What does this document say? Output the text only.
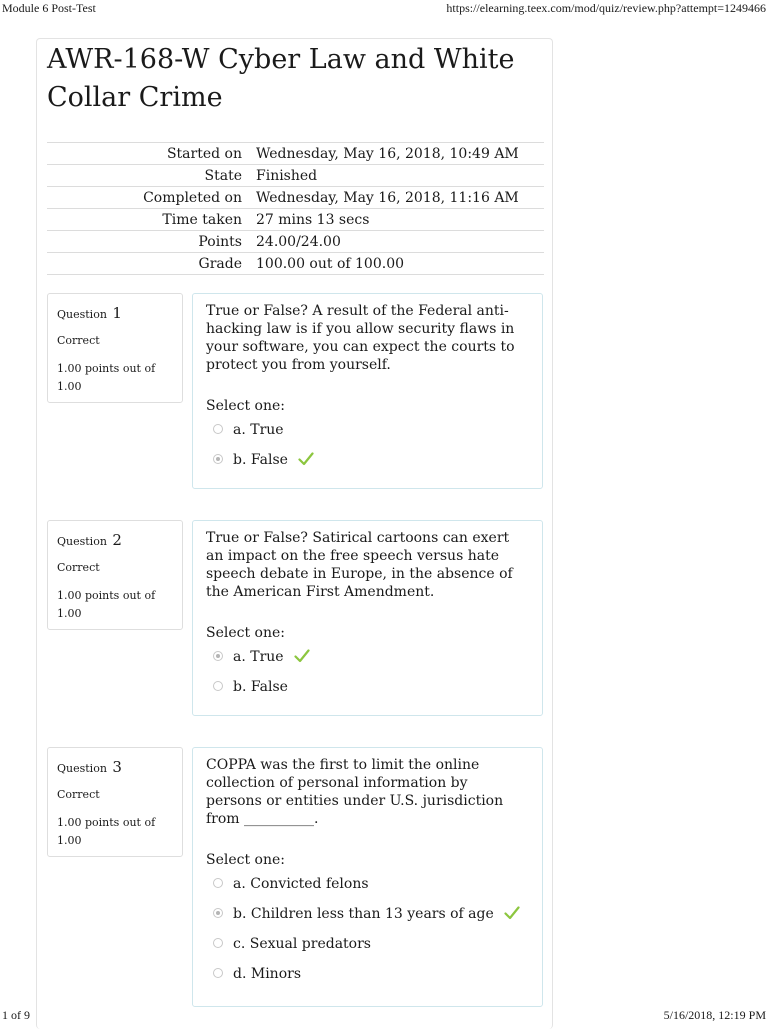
Module 6 Post-Test	https://elearning.teex.com/mod/quiz/review.php?attempt=1249466
AWR-168-W Cyber Law and White Collar Crime
Started on	Wednesday, May 16, 2018, 10:49 AM
State	Finished
Completed on	Wednesday, May 16, 2018, 11:16 AM
Time taken	27 mins 13 secs
Points	24.00/24.00
Grade	100.00 out of 100.00
Question 1
Correct
1.00 points out of 1.00
True or False? A result of the Federal anti-hacking law is if you allow security flaws in your software, you can expect the courts to protect you from yourself.
Select one:
a. True
b. False
Question 2
Correct
1.00 points out of 1.00
True or False? Satirical cartoons can exert an impact on the free speech versus hate speech debate in Europe, in the absence of the American First Amendment.
Select one:
a. True
b. False
Question 3
Correct
1.00 points out of 1.00
COPPA was the first to limit the online collection of personal information by persons or entities under U.S. jurisdiction from __________.
Select one:
a. Convicted felons
b. Children less than 13 years of age
c. Sexual predators
d. Minors
1 of 9	5/16/2018, 12:19 PM
